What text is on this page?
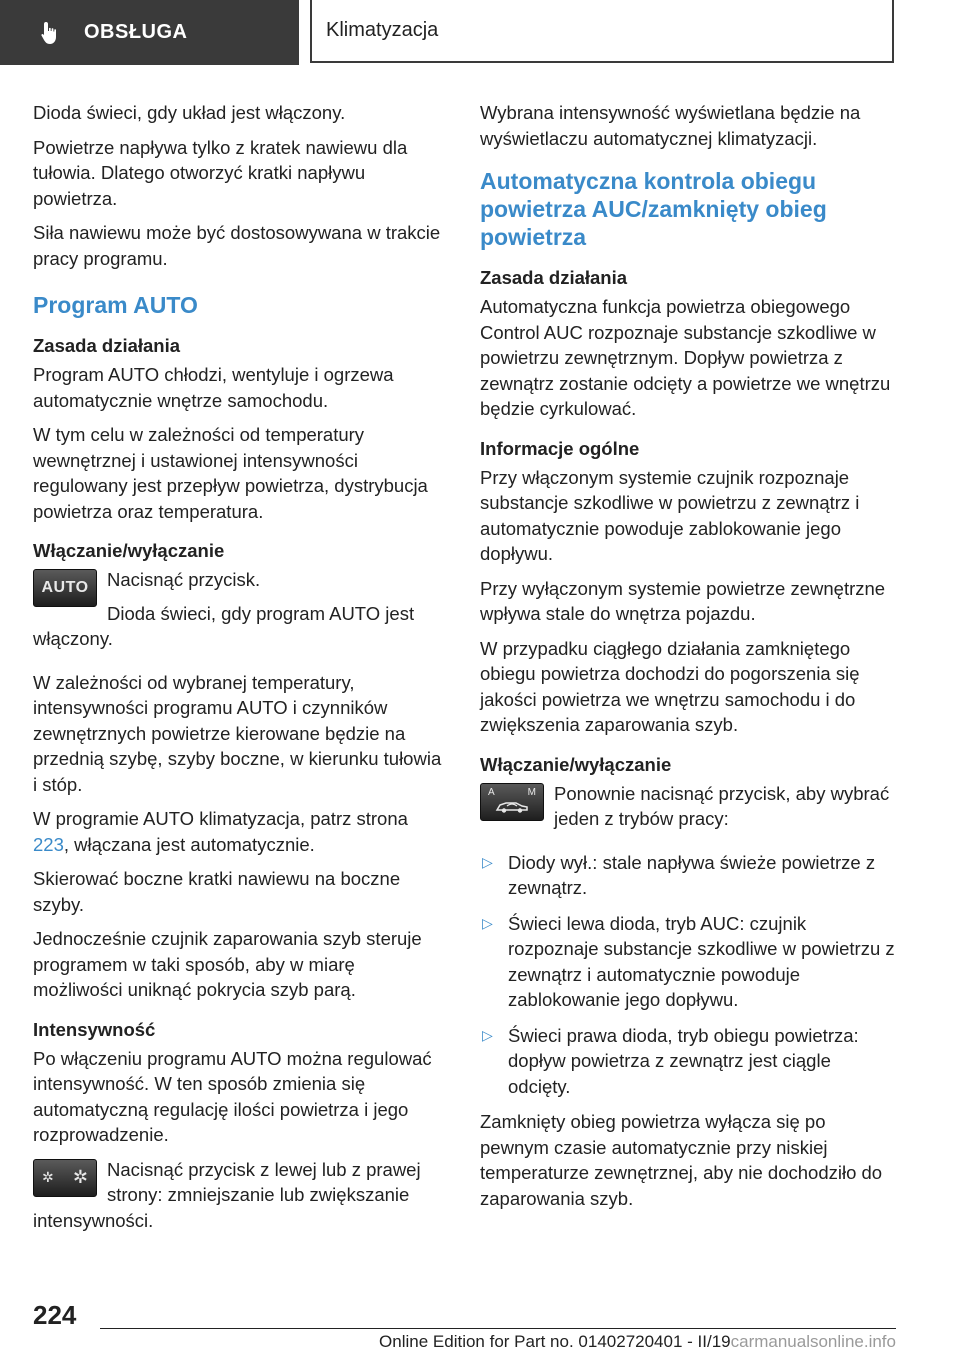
OBSŁUGA	Klimatyzacja

Dioda świeci, gdy układ jest włączony.

Powietrze napływa tylko z kratek nawiewu dla tułowia. Dlatego otworzyć kratki napływu powietrza.

Siła nawiewu może być dostosowywana w trakcie pracy programu.

Program AUTO
Zasada działania

Program AUTO chłodzi, wentyluje i ogrzewa automatycznie wnętrze samochodu.

W tym celu w zależności od temperatury wewnętrznej i ustawionej intensywności regulowany jest przepływ powietrza, dystrybucja powietrza oraz temperatura.

Włączanie/wyłączanie
AUTO Nacisnąć przycisk.

Dioda świeci, gdy program AUTO jest włączony.

W zależności od wybranej temperatury, intensywności programu AUTO i czynników zewnętrznych powietrze kierowane będzie na przednią szybę, szyby boczne, w kierunku tułowia i stóp.

W programie AUTO klimatyzacja, patrz strona 223, włączana jest automatycznie.

Skierować boczne kratki nawiewu na boczne szyby.

Jednocześnie czujnik zaparowania szyb steruje programem w taki sposób, aby w miarę możliwości uniknąć pokrycia szyb parą.

Intensywność

Po włączeniu programu AUTO można regulować intensywność. W ten sposób zmienia się automatyczną regulację ilości powietrza i jego rozprowadzenie.

✲ ✲	Nacisnąć przycisk z lewej lub z prawej strony: zmniejszanie lub zwiększanie intensywności.

Wybrana intensywność wyświetlana będzie na wyświetlaczu automatycznej klimatyzacji.

Automatyczna kontrola obiegu powietrza AUC/zamknięty obieg powietrza
Zasada działania

Automatyczna funkcja powietrza obiegowego Control AUC rozpoznaje substancje szkodliwe w powietrzu zewnętrznym. Dopływ powietrza z zewnątrz zostanie odcięty a powietrze we wnętrzu będzie cyrkulować.

Informacje ogólne

Przy włączonym systemie czujnik rozpoznaje substancje szkodliwe w powietrzu z zewnątrz i automatycznie powoduje zablokowanie jego dopływu.

Przy wyłączonym systemie powietrze zewnętrzne wpływa stale do wnętrza pojazdu.

W przypadku ciągłego działania zamkniętego obiegu powietrza dochodzi do pogorszenia się jakości powietrza we wnętrzu samochodu i do zwiększenia zaparowania szyb.

Włączanie/wyłączanie
A	M Ponownie nacisnąć przycisk, aby wybrać jeden z trybów pracy:

▷ Diody wył.: stale napływa świeże powietrze z zewnątrz.
▷ Świeci lewa dioda, tryb AUC: czujnik rozpoznaje substancje szkodliwe w powietrzu z zewnątrz i automatycznie powoduje zablokowanie jego dopływu.
▷ Świeci prawa dioda, tryb obiegu powietrza: dopływ powietrza z zewnątrz jest ciągle odcięty.

Zamknięty obieg powietrza wyłącza się po pewnym czasie automatycznie przy niskiej temperaturze zewnętrznej, aby nie dochodziło do zaparowania szyb.

224
Online Edition for Part no. 01402720401 - II/19carmanualsonline.info
